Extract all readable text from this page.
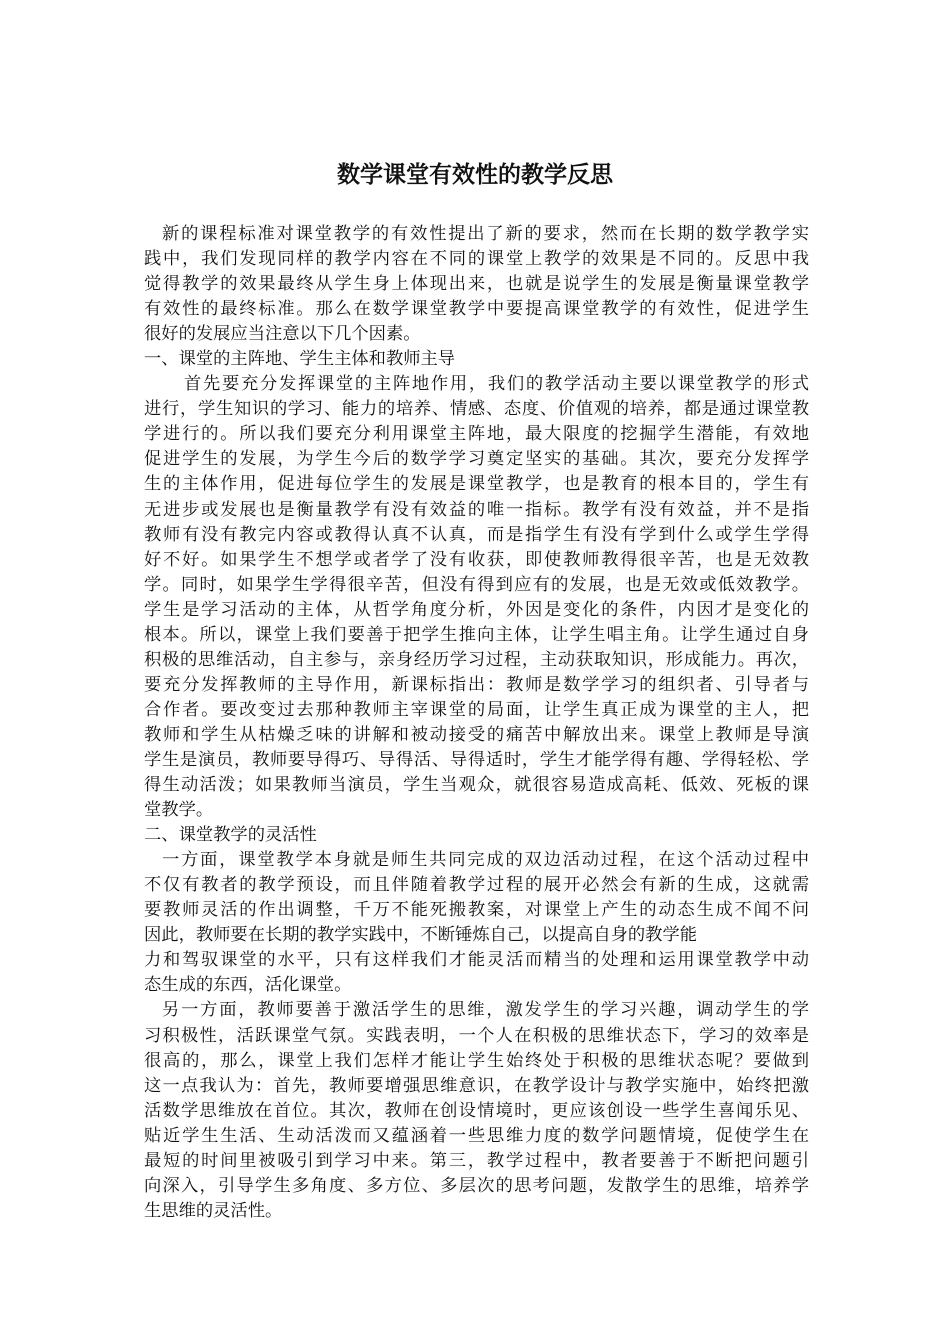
数学课堂有效性的教学反思
新的课程标准对课堂教学的有效性提出了新的要求，然而在长期的数学教学实
践中，我们发现同样的教学内容在不同的课堂上教学的效果是不同的。反思中我
觉得教学的效果最终从学生身上体现出来，也就是说学生的发展是衡量课堂教学
有效性的最终标准。那么在数学课堂教学中要提高课堂教学的有效性，促进学生
很好的发展应当注意以下几个因素。
一、课堂的主阵地、学生主体和教师主导
首先要充分发挥课堂的主阵地作用，我们的教学活动主要以课堂教学的形式
进行，学生知识的学习、能力的培养、情感、态度、价值观的培养，都是通过课堂教
学进行的。所以我们要充分利用课堂主阵地，最大限度的挖掘学生潜能，有效地
促进学生的发展，为学生今后的数学学习奠定坚实的基础。其次，要充分发挥学
生的主体作用，促进每位学生的发展是课堂教学，也是教育的根本目的，学生有
无进步或发展也是衡量教学有没有效益的唯一指标。教学有没有效益，并不是指
教师有没有教完内容或教得认真不认真，而是指学生有没有学到什么或学生学得
好不好。如果学生不想学或者学了没有收获，即使教师教得很辛苦，也是无效教
学。同时，如果学生学得很辛苦，但没有得到应有的发展，也是无效或低效教学。
学生是学习活动的主体，从哲学角度分析，外因是变化的条件，内因才是变化的
根本。所以，课堂上我们要善于把学生推向主体，让学生唱主角。让学生通过自身
积极的思维活动，自主参与，亲身经历学习过程，主动获取知识，形成能力。再次，
要充分发挥教师的主导作用，新课标指出：教师是数学学习的组织者、引导者与
合作者。要改变过去那种教师主宰课堂的局面，让学生真正成为课堂的主人，把
教师和学生从枯燥乏味的讲解和被动接受的痛苦中解放出来。课堂上教师是导演
学生是演员，教师要导得巧、导得活、导得适时，学生才能学得有趣、学得轻松、学
得生动活泼；如果教师当演员，学生当观众，就很容易造成高耗、低效、死板的课
堂教学。
二、课堂教学的灵活性
一方面，课堂教学本身就是师生共同完成的双边活动过程，在这个活动过程中
不仅有教者的教学预设，而且伴随着教学过程的展开必然会有新的生成，这就需
要教师灵活的作出调整，千万不能死搬教案，对课堂上产生的动态生成不闻不问
因此，教师要在长期的教学实践中，不断锤炼自己，以提高自身的教学能
力和驾驭课堂的水平，只有这样我们才能灵活而精当的处理和运用课堂教学中动
态生成的东西，活化课堂。
另一方面，教师要善于激活学生的思维，激发学生的学习兴趣，调动学生的学
习积极性，活跃课堂气氛。实践表明，一个人在积极的思维状态下，学习的效率是
很高的，那么，课堂上我们怎样才能让学生始终处于积极的思维状态呢？要做到
这一点我认为：首先，教师要增强思维意识，在教学设计与教学实施中，始终把激
活数学思维放在首位。其次，教师在创设情境时，更应该创设一些学生喜闻乐见、
贴近学生生活、生动活泼而又蕴涵着一些思维力度的数学问题情境，促使学生在
最短的时间里被吸引到学习中来。第三，教学过程中，教者要善于不断把问题引
向深入，引导学生多角度、多方位、多层次的思考问题，发散学生的思维，培养学
生思维的灵活性。
